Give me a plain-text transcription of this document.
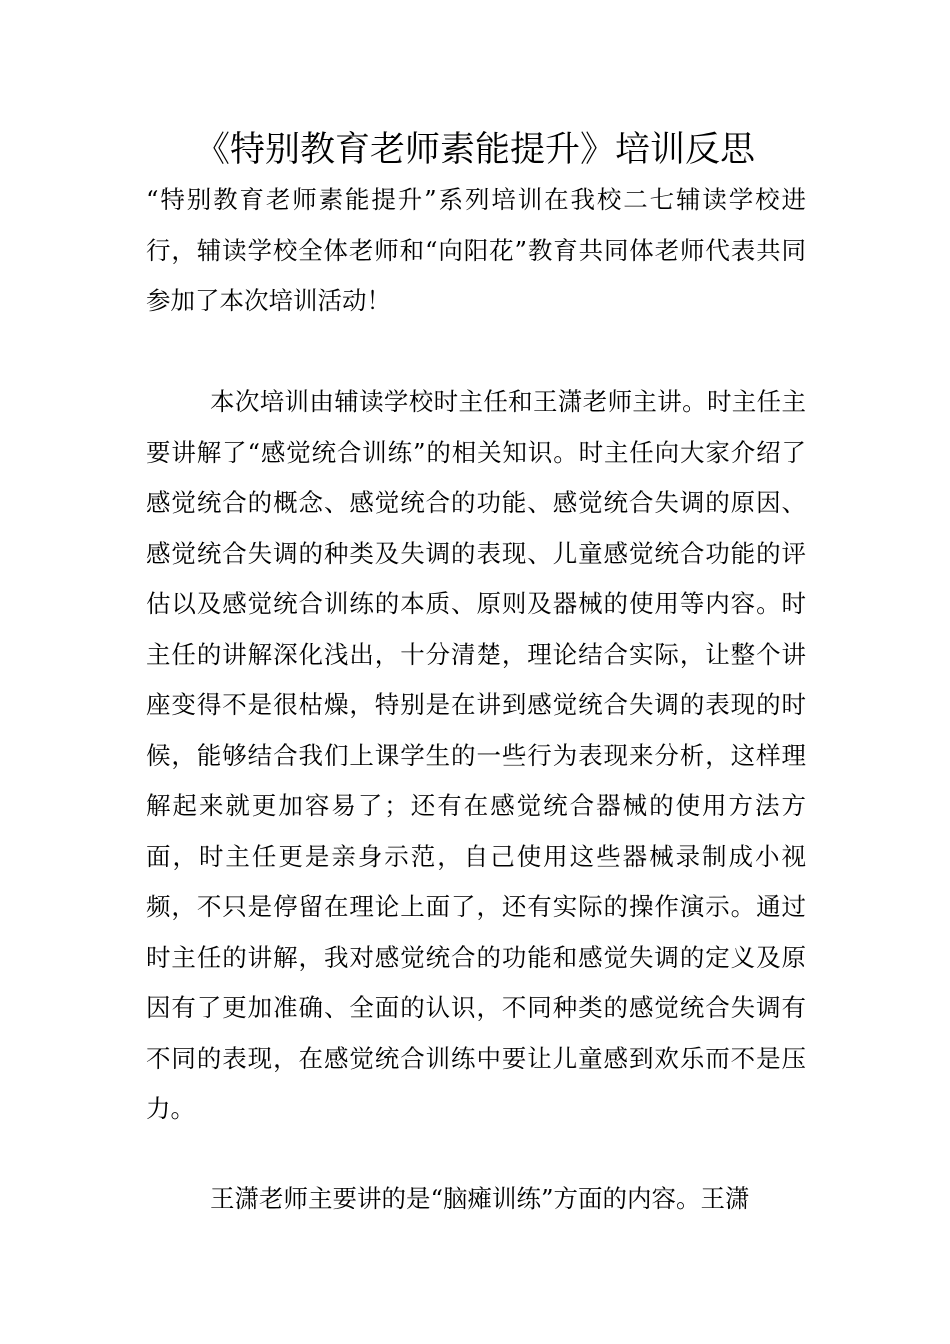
《特别教育老师素能提升》培训反思

“特别教育老师素能提升”系列培训在我校二七辅读学校进行，辅读学校全体老师和“向阳花”教育共同体老师代表共同参加了本次培训活动！

本次培训由辅读学校时主任和王潇老师主讲。时主任主要讲解了“感觉统合训练”的相关知识。时主任向大家介绍了感觉统合的概念、感觉统合的功能、感觉统合失调的原因、感觉统合失调的种类及失调的表现、儿童感觉统合功能的评估以及感觉统合训练的本质、原则及器械的使用等内容。时主任的讲解深化浅出，十分清楚，理论结合实际，让整个讲座变得不是很枯燥，特别是在讲到感觉统合失调的表现的时候，能够结合我们上课学生的一些行为表现来分析，这样理解起来就更加容易了；还有在感觉统合器械的使用方法方面，时主任更是亲身示范，自己使用这些器械录制成小视频，不只是停留在理论上面了，还有实际的操作演示。通过时主任的讲解，我对感觉统合的功能和感觉失调的定义及原因有了更加准确、全面的认识，不同种类的感觉统合失调有不同的表现，在感觉统合训练中要让儿童感到欢乐而不是压力。

王潇老师主要讲的是“脑瘫训练”方面的内容。王潇
